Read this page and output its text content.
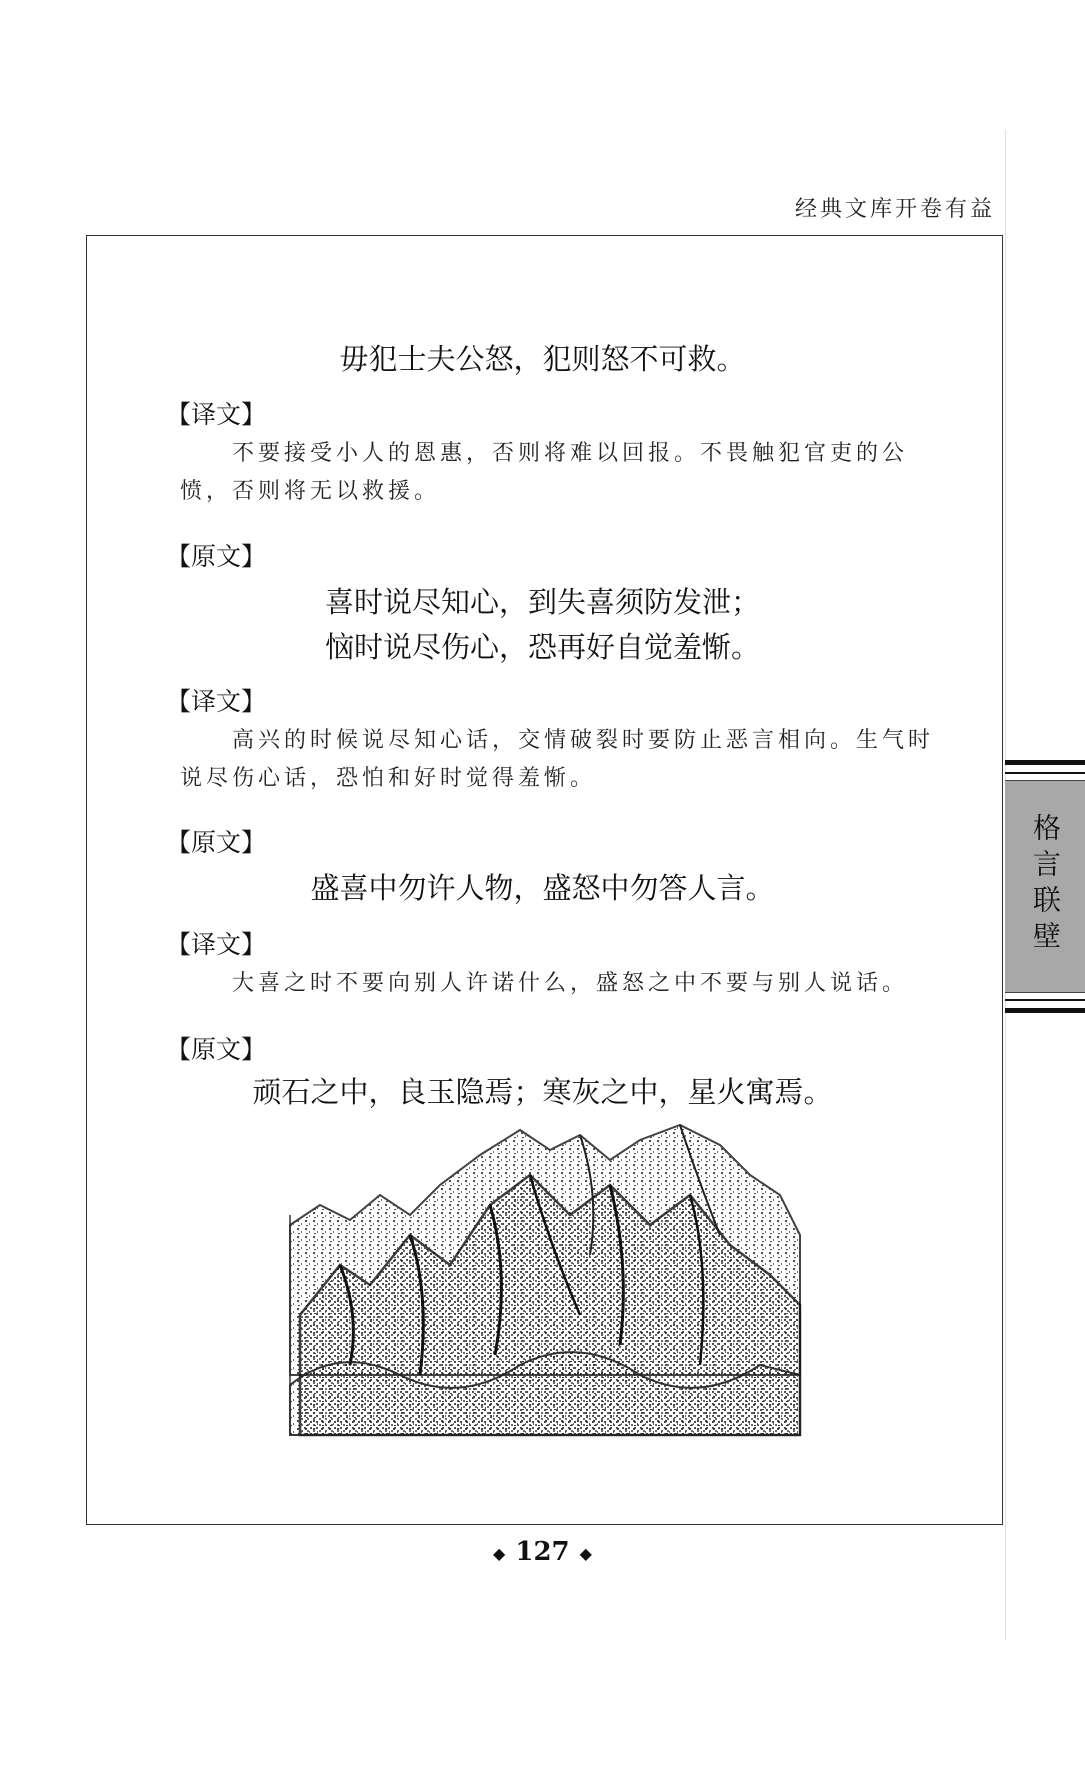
经典文库开卷有益
毋犯士夫公怒，犯则怒不可救。
【译文】
不要接受小人的恩惠，否则将难以回报。不畏触犯官吏的公愤，否则将无以救援。
【原文】
喜时说尽知心，到失喜须防发泄；
恼时说尽伤心，恐再好自觉羞惭。
【译文】
高兴的时候说尽知心话，交情破裂时要防止恶言相向。生气时说尽伤心话，恐怕和好时觉得羞惭。
【原文】
盛喜中勿许人物，盛怒中勿答人言。
【译文】
大喜之时不要向别人许诺什么，盛怒之中不要与别人说话。
【原文】
顽石之中，良玉隐焉；寒灰之中，星火寓焉。
格言联壁
◆ 127 ◆
